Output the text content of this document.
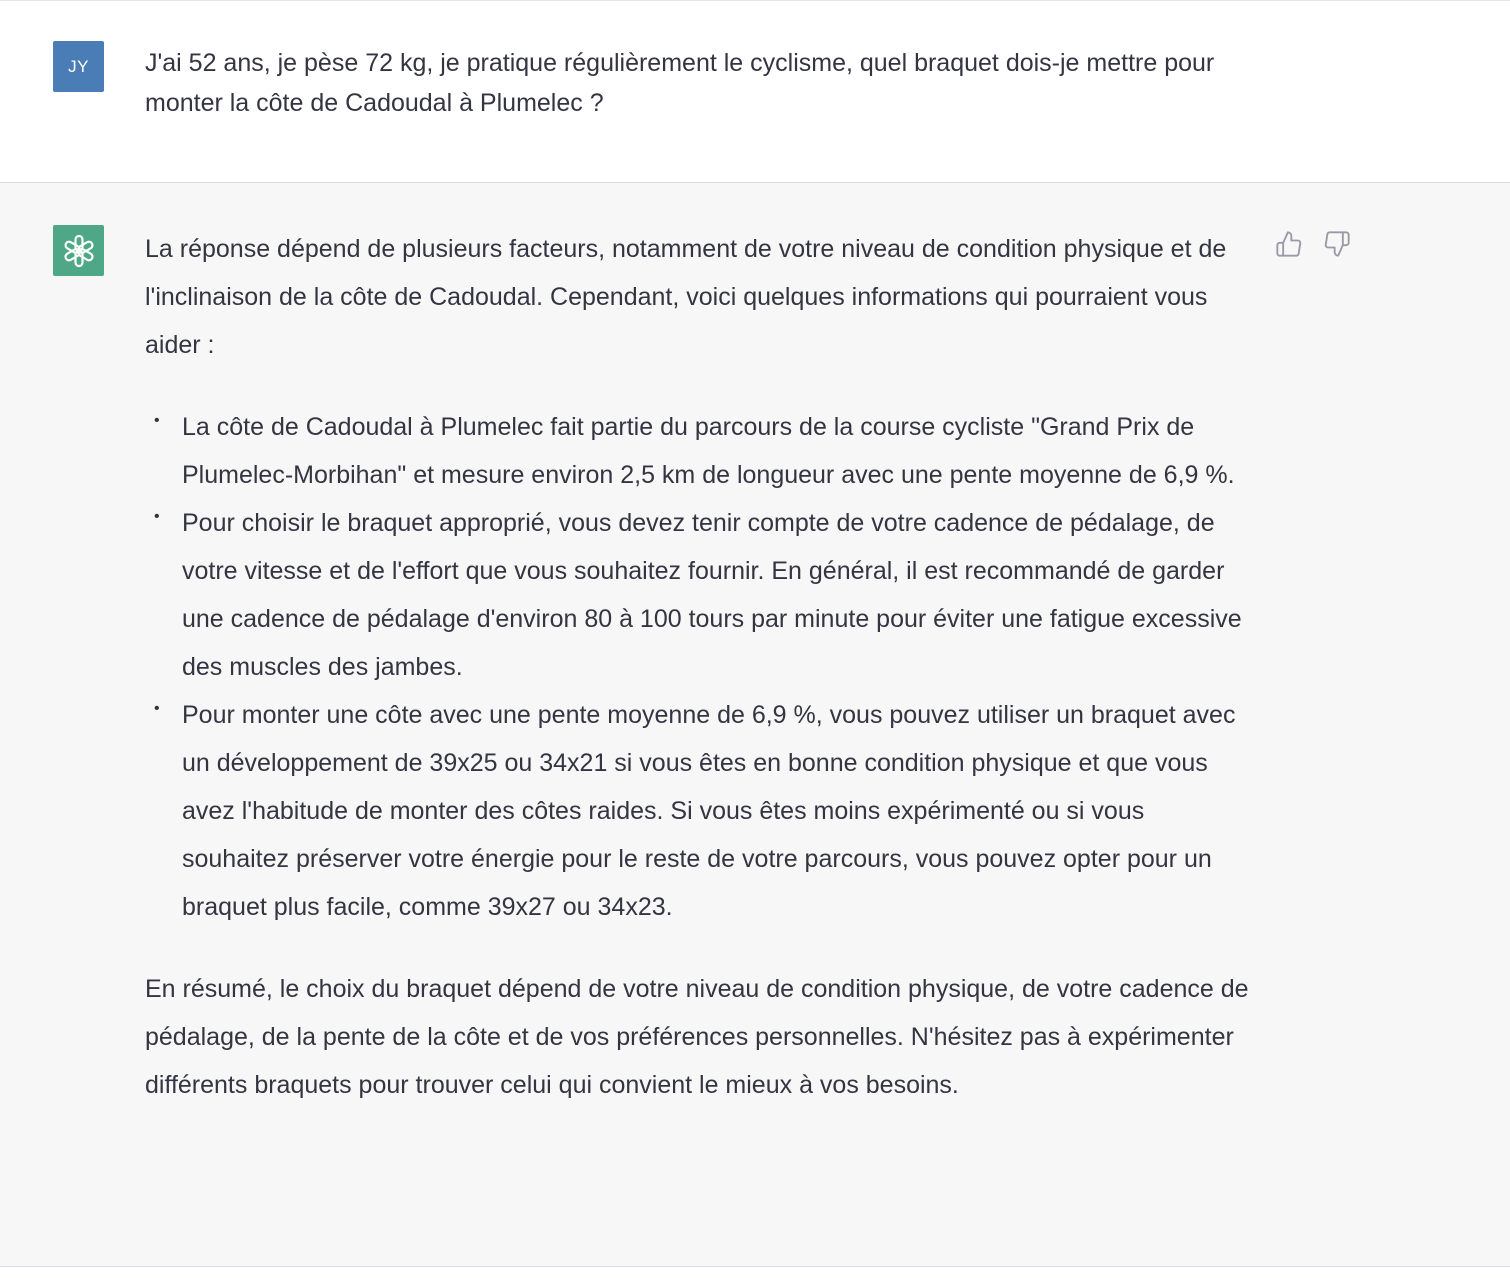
JY J'ai 52 ans, je pèse 72 kg, je pratique régulièrement le cyclisme, quel braquet dois-je mettre pour monter la côte de Cadoudal à Plumelec ?

La réponse dépend de plusieurs facteurs, notamment de votre niveau de condition physique et de l'inclinaison de la côte de Cadoudal. Cependant, voici quelques informations qui pourraient vous aider :

• La côte de Cadoudal à Plumelec fait partie du parcours de la course cycliste "Grand Prix de Plumelec-Morbihan" et mesure environ 2,5 km de longueur avec une pente moyenne de 6,9 %.
• Pour choisir le braquet approprié, vous devez tenir compte de votre cadence de pédalage, de votre vitesse et de l'effort que vous souhaitez fournir. En général, il est recommandé de garder une cadence de pédalage d'environ 80 à 100 tours par minute pour éviter une fatigue excessive des muscles des jambes.
• Pour monter une côte avec une pente moyenne de 6,9 %, vous pouvez utiliser un braquet avec un développement de 39x25 ou 34x21 si vous êtes en bonne condition physique et que vous avez l'habitude de monter des côtes raides. Si vous êtes moins expérimenté ou si vous souhaitez préserver votre énergie pour le reste de votre parcours, vous pouvez opter pour un braquet plus facile, comme 39x27 ou 34x23.

En résumé, le choix du braquet dépend de votre niveau de condition physique, de votre cadence de pédalage, de la pente de la côte et de vos préférences personnelles. N'hésitez pas à expérimenter différents braquets pour trouver celui qui convient le mieux à vos besoins.
